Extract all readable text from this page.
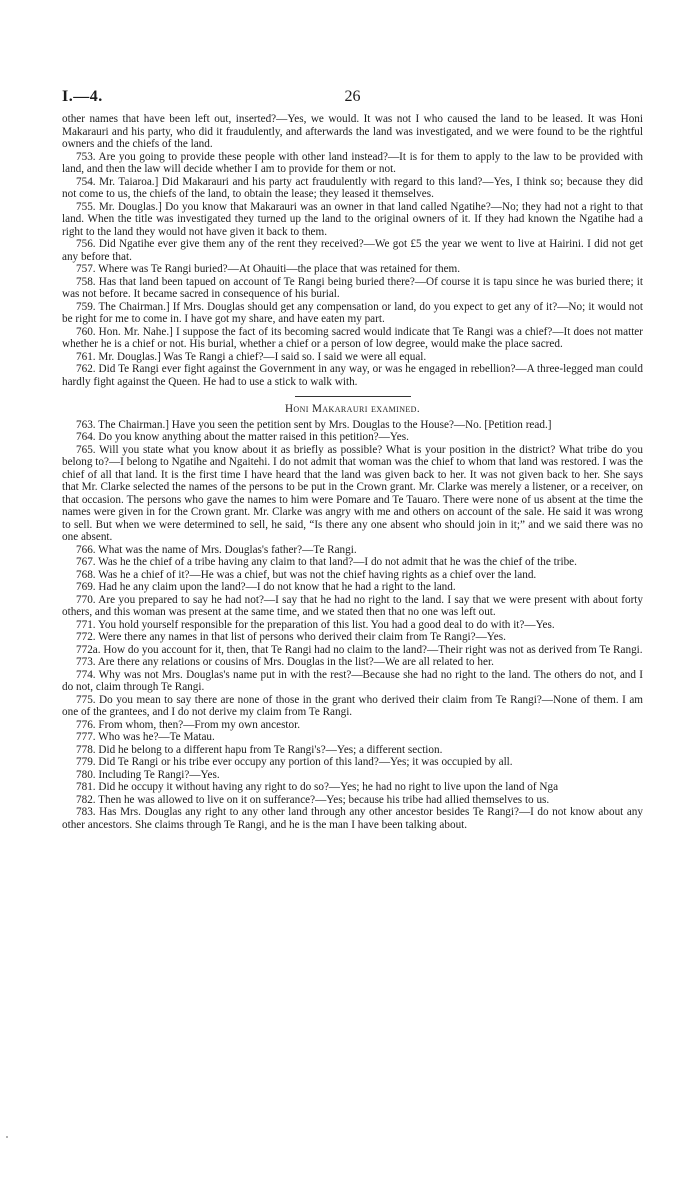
I.—4.	26

other names that have been left out, inserted?—Yes, we would. It was not I who caused the land to be leased. It was Honi Makarauri and his party, who did it fraudulently, and afterwards the land was investigated, and we were found to be the rightful owners and the chiefs of the land.

753. Are you going to provide these people with other land instead?—It is for them to apply to the law to be provided with land, and then the law will decide whether I am to provide for them or not.

754. Mr. Taiaroa.] Did Makarauri and his party act fraudulently with regard to this land?—Yes, I think so; because they did not come to us, the chiefs of the land, to obtain the lease; they leased it themselves.

755. Mr. Douglas.] Do you know that Makarauri was an owner in that land called Ngatihe?—No; they had not a right to that land. When the title was investigated they turned up the land to the original owners of it. If they had known the Ngatihe had a right to the land they would not have given it back to them.

756. Did Ngatihe ever give them any of the rent they received?—We got £5 the year we went to live at Hairini. I did not get any before that.

757. Where was Te Rangi buried?—At Ohauiti—the place that was retained for them.

758. Has that land been tapued on account of Te Rangi being buried there?—Of course it is tapu since he was buried there; it was not before. It became sacred in consequence of his burial.

759. The Chairman.] If Mrs. Douglas should get any compensation or land, do you expect to get any of it?—No; it would not be right for me to come in. I have got my share, and have eaten my part.

760. Hon. Mr. Nahe.] I suppose the fact of its becoming sacred would indicate that Te Rangi was a chief?—It does not matter whether he is a chief or not. His burial, whether a chief or a person of low degree, would make the place sacred.

761. Mr. Douglas.] Was Te Rangi a chief?—I said so. I said we were all equal.

762. Did Te Rangi ever fight against the Government in any way, or was he engaged in rebellion?—A three-legged man could hardly fight against the Queen. He had to use a stick to walk with.

Honi Makarauri examined.

763. The Chairman.] Have you seen the petition sent by Mrs. Douglas to the House?—No. [Petition read.]

764. Do you know anything about the matter raised in this petition?—Yes.

765. Will you state what you know about it as briefly as possible? What is your position in the district? What tribe do you belong to?—I belong to Ngatihe and Ngaitehi. I do not admit that woman was the chief to whom that land was restored. I was the chief of all that land. It is the first time I have heard that the land was given back to her. It was not given back to her. She says that Mr. Clarke selected the names of the persons to be put in the Crown grant. Mr. Clarke was merely a listener, or a receiver, on that occasion. The persons who gave the names to him were Pomare and Te Tauaro. There were none of us absent at the time the names were given in for the Crown grant. Mr. Clarke was angry with me and others on account of the sale. He said it was wrong to sell. But when we were determined to sell, he said, “Is there any one absent who should join in it;” and we said there was no one absent.

766. What was the name of Mrs. Douglas's father?—Te Rangi.

767. Was he the chief of a tribe having any claim to that land?—I do not admit that he was the chief of the tribe.

768. Was he a chief of it?—He was a chief, but was not the chief having rights as a chief over the land.

769. Had he any claim upon the land?—I do not know that he had a right to the land.

770. Are you prepared to say he had not?—I say that he had no right to the land. I say that we were present with about forty others, and this woman was present at the same time, and we stated then that no one was left out.

771. You hold yourself responsible for the preparation of this list. You had a good deal to do with it?—Yes.

772. Were there any names in that list of persons who derived their claim from Te Rangi?—Yes.

772a. How do you account for it, then, that Te Rangi had no claim to the land?—Their right was not as derived from Te Rangi.

773. Are there any relations or cousins of Mrs. Douglas in the list?—We are all related to her.

774. Why was not Mrs. Douglas's name put in with the rest?—Because she had no right to the land. The others do not, and I do not, claim through Te Rangi.

775. Do you mean to say there are none of those in the grant who derived their claim from Te Rangi?—None of them. I am one of the grantees, and I do not derive my claim from Te Rangi.

776. From whom, then?—From my own ancestor.

777. Who was he?—Te Matau.

778. Did he belong to a different hapu from Te Rangi's?—Yes; a different section.

779. Did Te Rangi or his tribe ever occupy any portion of this land?—Yes; it was occupied by all.

780. Including Te Rangi?—Yes.

781. Did he occupy it without having any right to do so?—Yes; he had no right to live upon the land of Nga

782. Then he was allowed to live on it on sufferance?—Yes; because his tribe had allied themselves to us.

783. Has Mrs. Douglas any right to any other land through any other ancestor besides Te Rangi?—I do not know about any other ancestors. She claims through Te Rangi, and he is the man I have been talking about.
